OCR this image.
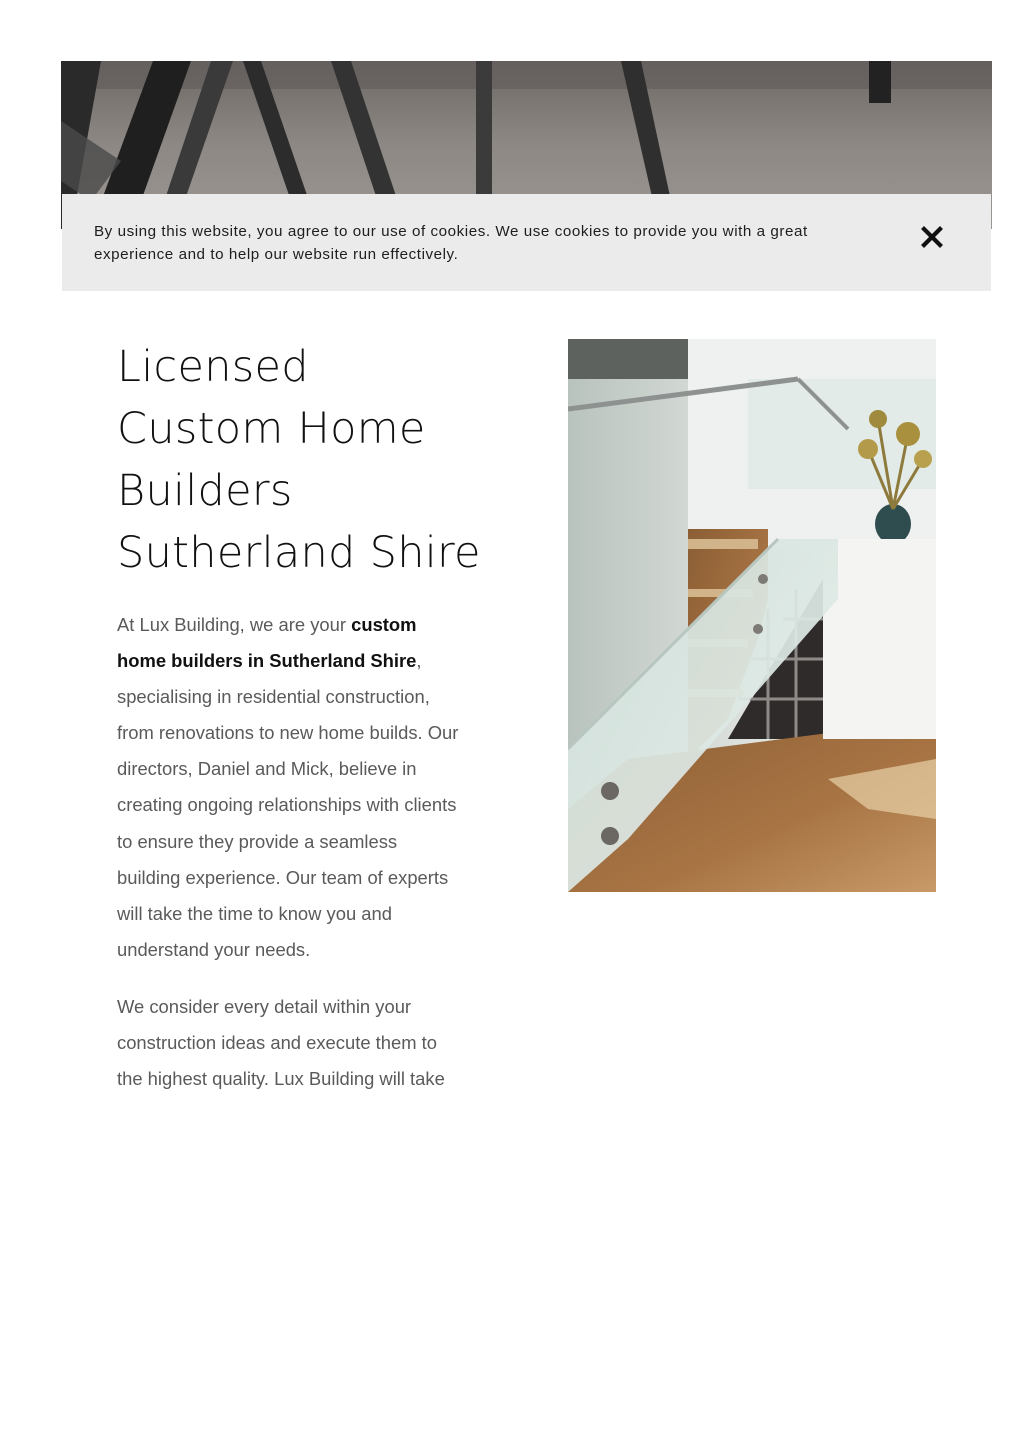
By using this website, you agree to our use of cookies. We use cookies to provide you with a great
experience and to help our website run effectively.

Licensed
Custom Home
Builders
Sutherland Shire

At Lux Building, we are your custom
home builders in Sutherland Shire,
specialising in residential construction,
from renovations to new home builds. Our
directors, Daniel and Mick, believe in
creating ongoing relationships with clients
to ensure they provide a seamless
building experience. Our team of experts
will take the time to know you and
understand your needs.

We consider every detail within your
construction ideas and execute them to
the highest quality. Lux Building will take
